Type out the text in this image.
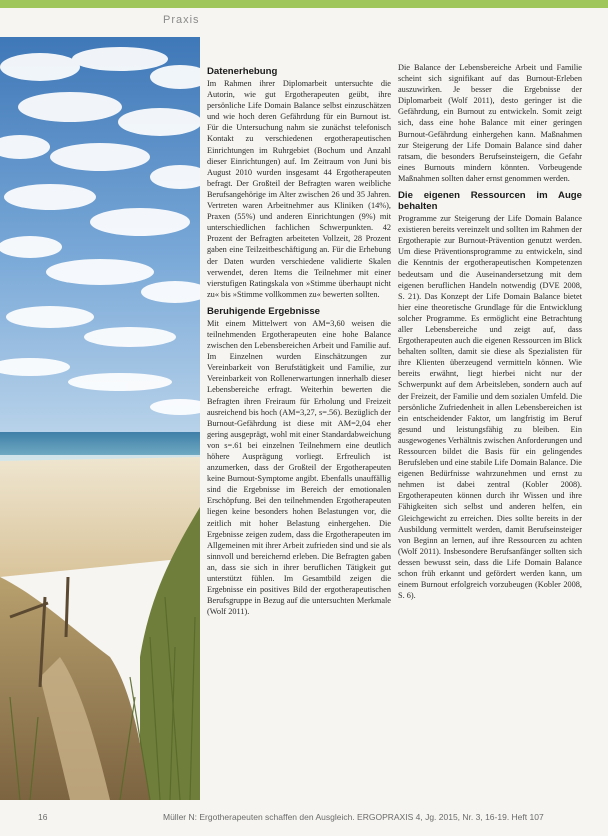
Praxis
Datenerhebung

Im Rahmen ihrer Diplomarbeit untersuchte die Autorin, wie gut Ergotherapeuten geübt, ihre persönliche Life Domain Balance selbst einzuschätzen und wie hoch deren Gefährdung für ein Burnout ist. Für die Untersuchung nahm sie zunächst telefonisch Kontakt zu verschiedenen ergotherapeutischen Einrichtungen im Ruhrgebiet (Bochum und Anzahl dieser Einrichtungen) auf. Im Zeitraum von Juni bis August 2010 wurden insgesamt 44 Ergotherapeuten befragt. Der Großteil der Befragten waren weibliche Berufsangehörige im Alter zwischen 26 und 35 Jahren. Vertreten waren Arbeitnehmer aus Kliniken (14%), Praxen (55%) und anderen Einrichtungen (9%) mit unterschiedlichen fachlichen Schwerpunkten. 42 Prozent der Befragten arbeiteten Vollzeit, 28 Prozent gaben eine Teilzeitbeschäftigung an. Für die Erhebung der Daten wurden verschiedene validierte Skalen verwendet, deren Items die Teilnehmer mit einer vierstufigen Ratingskala von »Stimme überhaupt nicht zu« bis »Stimme vollkommen zu« bewerten sollten.

Beruhigende Ergebnisse

Mit einem Mittelwert von AM=3,60 weisen die teilnehmenden Ergotherapeuten eine hohe Balance zwischen den Lebensbereichen Arbeit und Familie auf. Im Einzelnen wurden Einschätzungen zur Vereinbarkeit von Berufstätigkeit und Familie, zur Vereinbarkeit von Rollenerwartungen innerhalb dieser Lebensbereiche erfragt. Weiterhin bewerten die Befragten ihren Freiraum für Erholung und Freizeit ausreichend bis hoch (AM=3,27, s=.56). Bezüglich der Burnout-Gefährdung ist diese mit AM=2,04 eher gering ausgeprägt, wohl mit einer Standardabweichung von s=.61 bei einzelnen Teilnehmern eine deutlich höhere Ausprägung vorliegt. Erfreulich ist anzumerken, dass der Großteil der Ergotherapeuten keine Burnout-Symptome angibt. Ebenfalls unauffällig sind die Ergebnisse im Bereich der emotionalen Erschöpfung. Bei den teilnehmenden Ergotherapeuten liegen keine besonders hohen Belastungen vor, die zeitlich mit hoher Belastung einhergehen. Die Ergebnisse zeigen zudem, dass die Ergotherapeuten im Allgemeinen mit ihrer Arbeit zufrieden sind und sie als sinnvoll und bereichernd erleben. Die Befragten gaben an, dass sie sich in ihrer beruflichen Tätigkeit gut unterstützt fühlen. Im Gesamtbild zeigen die Ergebnisse ein positives Bild der ergotherapeutischen Berufsgruppe in Bezug auf die untersuchten Merkmale (Wolf 2011).

Die Balance der Lebensbereiche Arbeit und Familie scheint sich signifikant auf das Burnout-Erleben auszuwirken. Je besser die Ergebnisse der Diplomarbeit (Wolf 2011), desto geringer ist die Gefährdung, ein Burnout zu entwickeln. Somit zeigt sich, dass eine hohe Balance mit einer geringen Burnout-Gefährdung einhergehen kann. Maßnahmen zur Steigerung der Life Domain Balance sind daher ratsam, die besonders Berufseinsteigern, die Gefahr eines Burnouts mindern könnten. Vorbeugende Maßnahmen sollten daher ernst genommen werden.

Die eigenen Ressourcen im Auge behalten

Programme zur Steigerung der Life Domain Balance existieren bereits vereinzelt und sollten im Rahmen der Ergotherapie zur Burnout-Prävention genutzt werden. Um diese Präventionsprogramme zu entwickeln, sind die Kenntnis der ergotherapeutischen Kompetenzen bedeutsam und die Auseinandersetzung mit dem eigenen beruflichen Handeln notwendig (DVE 2008, S. 21). Das Konzept der Life Domain Balance bietet hier eine theoretische Grundlage für die Entwicklung solcher Programme. Es ermöglicht eine Betrachtung aller Lebensbereiche und zeigt auf, dass Ergotherapeuten auch die eigenen Ressourcen im Blick behalten sollten, damit sie diese als Spezialisten für ihre Klienten überzeugend vermitteln können. Wie bereits erwähnt, liegt hierbei nicht nur der Schwerpunkt auf dem Arbeitsleben, sondern auch auf der Freizeit, der Familie und dem sozialen Umfeld. Die persönliche Zufriedenheit in allen Lebensbereichen ist ein entscheidender Faktor, um langfristig im Beruf gesund und leistungsfähig zu bleiben. Ein ausgewogenes Verhältnis zwischen Anforderungen und Ressourcen bildet die Basis für ein gelingendes Berufsleben und eine stabile Life Domain Balance. Die eigenen Bedürfnisse wahrzunehmen und ernst zu nehmen ist dabei zentral (Kobler 2008). Ergotherapeuten können durch ihr Wissen und ihre Fähigkeiten sich selbst und anderen helfen, ein Gleichgewicht zu erreichen. Dies sollte bereits in der Ausbildung vermittelt werden, damit Berufseinsteiger von Beginn an lernen, auf ihre Ressourcen zu achten (Wolf 2011). Insbesondere Berufsanfänger sollten sich dessen bewusst sein, dass die Life Domain Balance schon früh erkannt und gefördert werden kann, um einem Burnout erfolgreich vorzubeugen (Kobler 2008, S. 6).

16	Müller N: Ergotherapeuten schaffen den Ausgleich. ERGOPRAXIS 4, Jg. 2015, Nr. 3, 16-19. Heft 107
